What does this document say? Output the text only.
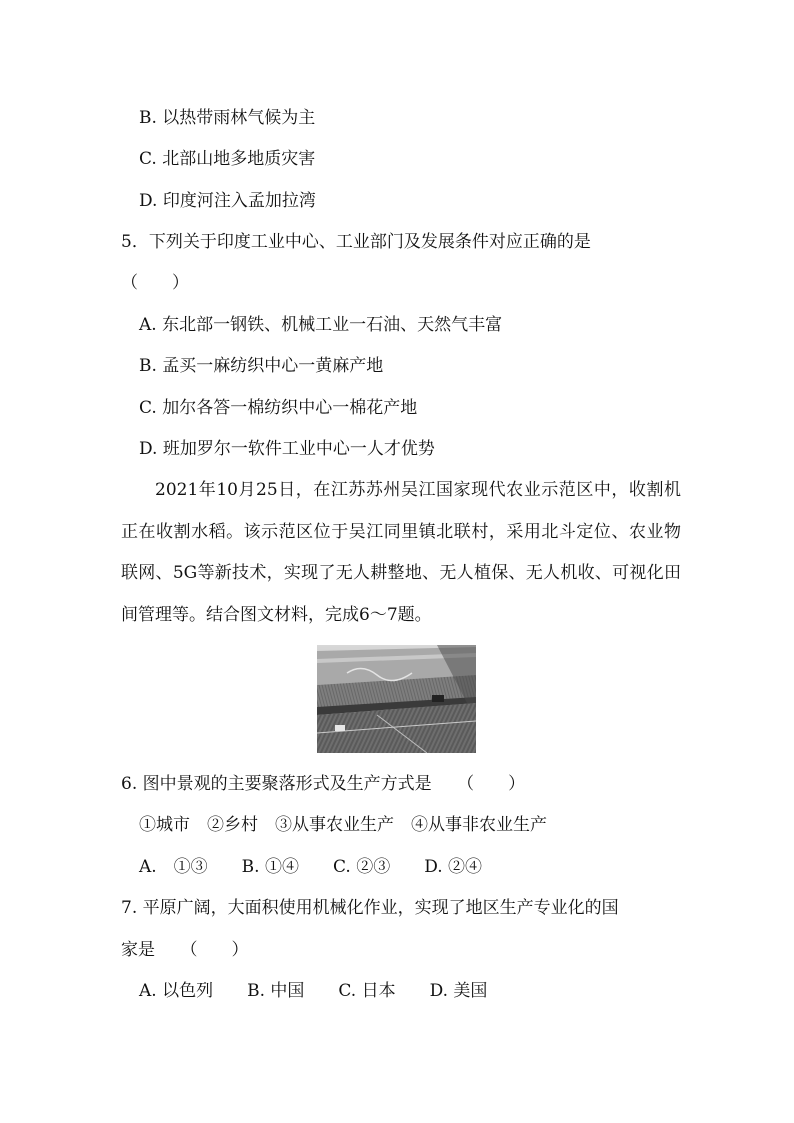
B. 以热带雨林气候为主
C. 北部山地多地质灾害
D. 印度河注入孟加拉湾
5．下列关于印度工业中心、工业部门及发展条件对应正确的是
（　　）
A. 东北部一钢铁、机械工业一石油、天然气丰富
B. 孟买一麻纺织中心一黄麻产地
C. 加尔各答一棉纺织中心一棉花产地
D. 班加罗尔一软件工业中心一人才优势

2021年10月25日，在江苏苏州吴江国家现代农业示范区中，收割机正在收割水稻。该示范区位于吴江同里镇北联村，采用北斗定位、农业物联网、5G等新技术，实现了无人耕整地、无人植保、无人机收、可视化田间管理等。结合图文材料，完成6～7题。

6. 图中景观的主要聚落形式及生产方式是　　（　　）
①城市　②乡村　③从事农业生产　④从事非农业生产
A.　①③　　B. ①④　　C. ②③　　D. ②④
7. 平原广阔，大面积使用机械化作业，实现了地区生产专业化的国
家是　　（　　）
A. 以色列　　B. 中国　　C. 日本　　D. 美国
